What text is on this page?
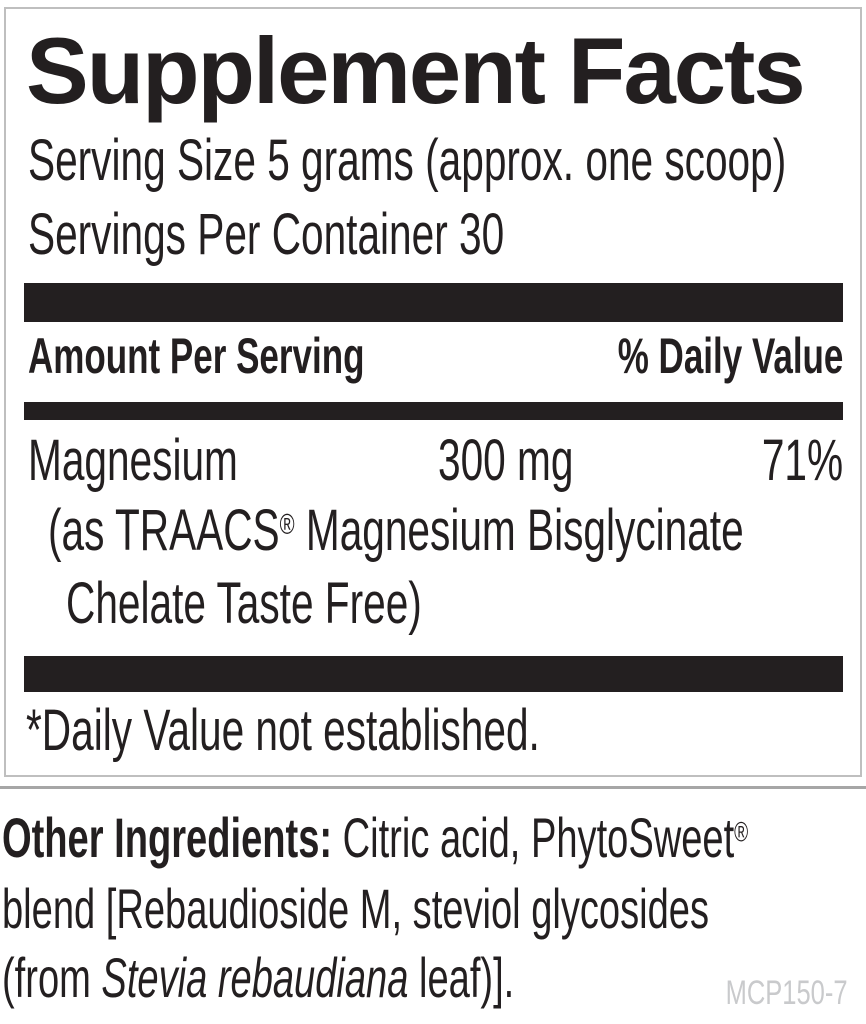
Supplement Facts
Serving Size 5 grams (approx. one scoop)
Servings Per Container 30
Amount Per Serving	% Daily Value
Magnesium	300 mg	71%
(as TRAACS® Magnesium Bisglycinate
Chelate Taste Free)
*Daily Value not established.
Other Ingredients: Citric acid, PhytoSweet®
blend [Rebaudioside M, steviol glycosides
(from Stevia rebaudiana leaf)].	MCP150-7
